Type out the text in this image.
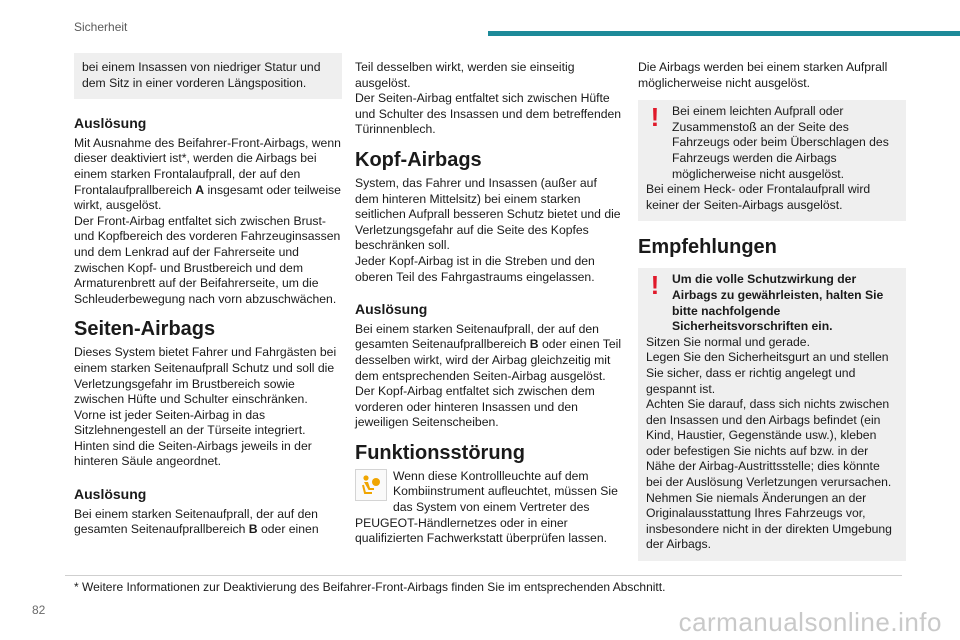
Sicherheit

bei einem Insassen von niedriger Statur und dem Sitz in einer vorderen Längsposition.

Auslösung

Mit Ausnahme des Beifahrer-Front-Airbags, wenn dieser deaktiviert ist*, werden die Airbags bei einem starken Frontalaufprall, der auf den Frontalaufprallbereich A insgesamt oder teilweise wirkt, ausgelöst.

Der Front-Airbag entfaltet sich zwischen Brust- und Kopfbereich des vorderen Fahrzeuginsassen und dem Lenkrad auf der Fahrerseite und zwischen Kopf- und Brustbereich und dem Armaturenbrett auf der Beifahrerseite, um die Schleuderbewegung nach vorn abzuschwächen.

Seiten-Airbags

Dieses System bietet Fahrer und Fahrgästen bei einem starken Seitenaufprall Schutz und soll die Verletzungsgefahr im Brustbereich sowie zwischen Hüfte und Schulter einschränken.

Vorne ist jeder Seiten-Airbag in das Sitzlehnengestell an der Türseite integriert.

Hinten sind die Seiten-Airbags jeweils in der hinteren Säule angeordnet.

Auslösung

Bei einem starken Seitenaufprall, der auf den gesamten Seitenaufprallbereich B oder einen

Teil desselben wirkt, werden sie einseitig ausgelöst.

Der Seiten-Airbag entfaltet sich zwischen Hüfte und Schulter des Insassen und dem betreffenden Türinnenblech.

Kopf-Airbags

System, das Fahrer und Insassen (außer auf dem hinteren Mittelsitz) bei einem starken seitlichen Aufprall besseren Schutz bietet und die Verletzungsgefahr auf die Seite des Kopfes beschränken soll.

Jeder Kopf-Airbag ist in die Streben und den oberen Teil des Fahrgastraums eingelassen.

Auslösung

Bei einem starken Seitenaufprall, der auf den gesamten Seitenaufprallbereich B oder einen Teil desselben wirkt, wird der Airbag gleichzeitig mit dem entsprechenden Seiten-Airbag ausgelöst.

Der Kopf-Airbag entfaltet sich zwischen dem vorderen oder hinteren Insassen und den jeweiligen Seitenscheiben.

Funktionsstörung

Wenn diese Kontrollleuchte auf dem Kombiinstrument aufleuchtet, müssen Sie das System von einem Vertreter des PEUGEOT-Händlernetzes oder in einer qualifizierten Fachwerkstatt überprüfen lassen.

Die Airbags werden bei einem starken Aufprall möglicherweise nicht ausgelöst.

! Bei einem leichten Aufprall oder Zusammenstoß an der Seite des Fahrzeugs oder beim Überschlagen des Fahrzeugs werden die Airbags möglicherweise nicht ausgelöst.

Bei einem Heck- oder Frontalaufprall wird keiner der Seiten-Airbags ausgelöst.

Empfehlungen
! Um die volle Schutzwirkung der Airbags zu gewährleisten, halten Sie bitte nachfolgende Sicherheitsvorschriften ein.

Sitzen Sie normal und gerade.

Legen Sie den Sicherheitsgurt an und stellen Sie sicher, dass er richtig angelegt und gespannt ist.

Achten Sie darauf, dass sich nichts zwischen den Insassen und den Airbags befindet (ein Kind, Haustier, Gegenstände usw.), kleben oder befestigen Sie nichts auf bzw. in der Nähe der Airbag-Austrittsstelle; dies könnte bei der Auslösung Verletzungen verursachen.

Nehmen Sie niemals Änderungen an der Originalausstattung Ihres Fahrzeugs vor, insbesondere nicht in der direkten Umgebung der Airbags.

* Weitere Informationen zur Deaktivierung des Beifahrer-Front-Airbags finden Sie im entsprechenden Abschnitt.
82	carmanualsonline.info
